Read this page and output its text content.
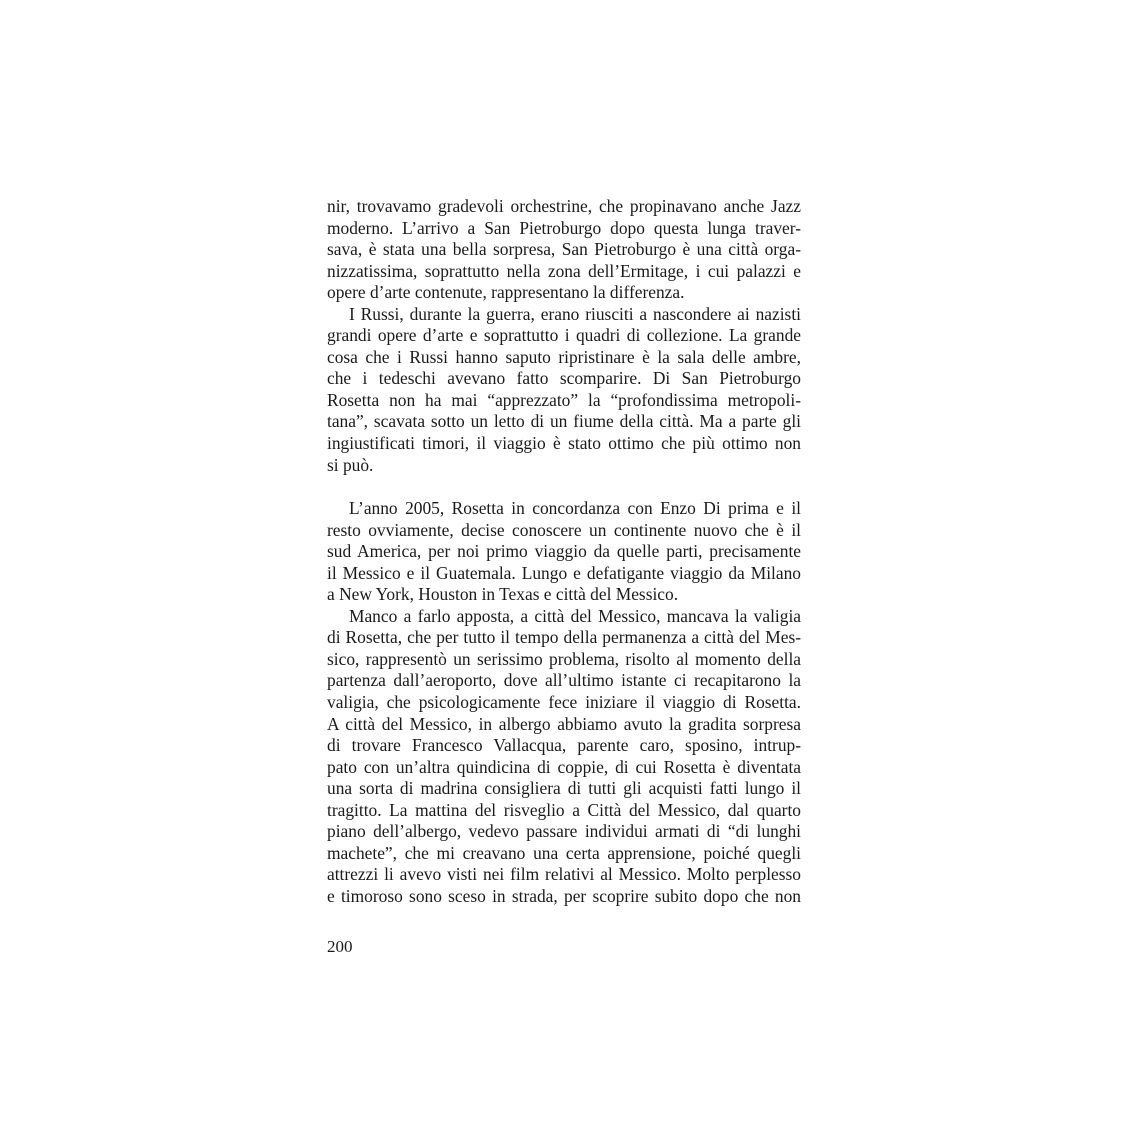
nir, trovavamo gradevoli orchestrine, che propinavano anche Jazz
moderno. L’arrivo a San Pietroburgo dopo questa lunga traver-
sava, è stata una bella sorpresa, San Pietroburgo è una città orga-
nizzatissima, soprattutto nella zona dell’Ermitage, i cui palazzi e
opere d’arte contenute, rappresentano la differenza.
I Russi, durante la guerra, erano riusciti a nascondere ai nazisti
grandi opere d’arte e soprattutto i quadri di collezione. La grande
cosa che i Russi hanno saputo ripristinare è la sala delle ambre,
che i tedeschi avevano fatto scomparire. Di San Pietroburgo
Rosetta non ha mai “apprezzato” la “profondissima metropoli-
tana”, scavata sotto un letto di un fiume della città. Ma a parte gli
ingiustificati timori, il viaggio è stato ottimo che più ottimo non
si può.
L’anno 2005, Rosetta in concordanza con Enzo Di prima e il
resto ovviamente, decise conoscere un continente nuovo che è il
sud America, per noi primo viaggio da quelle parti, precisamente
il Messico e il Guatemala. Lungo e defatigante viaggio da Milano
a New York, Houston in Texas e città del Messico.
Manco a farlo apposta, a città del Messico, mancava la valigia
di Rosetta, che per tutto il tempo della permanenza a città del Mes-
sico, rappresentò un serissimo problema, risolto al momento della
partenza dall’aeroporto, dove all’ultimo istante ci recapitarono la
valigia, che psicologicamente fece iniziare il viaggio di Rosetta.
A città del Messico, in albergo abbiamo avuto la gradita sorpresa
di trovare Francesco Vallacqua, parente caro, sposino, intrup-
pato con un’altra quindicina di coppie, di cui Rosetta è diventata
una sorta di madrina consigliera di tutti gli acquisti fatti lungo il
tragitto. La mattina del risveglio a Città del Messico, dal quarto
piano dell’albergo, vedevo passare individui armati di “di lunghi
machete”, che mi creavano una certa apprensione, poiché quegli
attrezzi li avevo visti nei film relativi al Messico. Molto perplesso
e timoroso sono sceso in strada, per scoprire subito dopo che non
200
